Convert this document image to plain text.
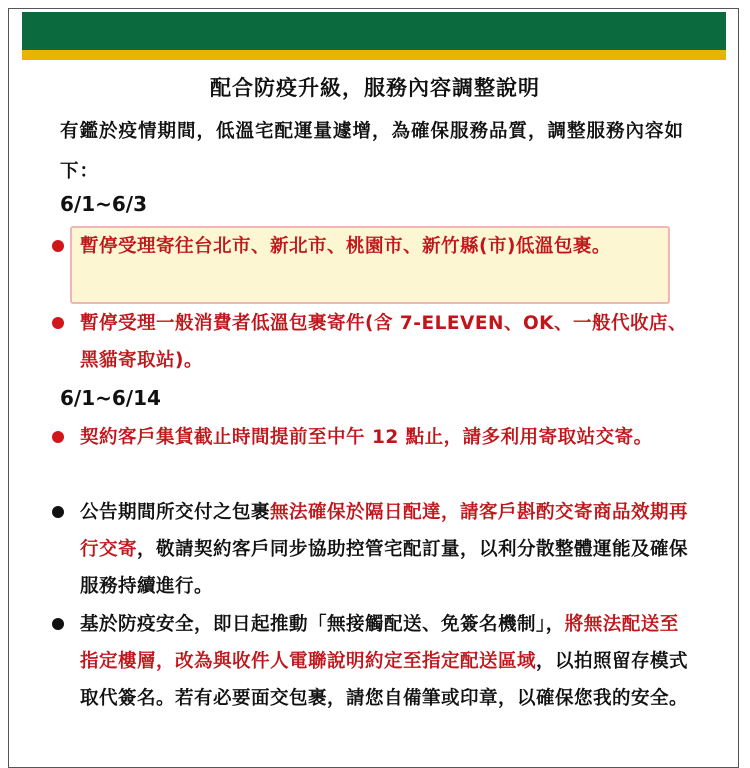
配合防疫升級，服務內容調整說明
有鑑於疫情期間，低溫宅配運量遽增，為確保服務品質，調整服務內容如下：
6/1~6/3
暫停受理寄往台北市、新北市、桃園市、新竹縣(市)低溫包裹。
暫停受理一般消費者低溫包裹寄件(含 7-ELEVEN、OK、一般代收店、黑貓寄取站)。
6/1~6/14
契約客戶集貨截止時間提前至中午 12 點止，請多利用寄取站交寄。
公告期間所交付之包裹無法確保於隔日配達，請客戶斟酌交寄商品效期再行交寄，敬請契約客戶同步協助控管宅配訂量，以利分散整體運能及確保服務持續進行。
基於防疫安全，即日起推動「無接觸配送、免簽名機制」，將無法配送至指定樓層，改為與收件人電聯說明約定至指定配送區域，以拍照留存模式取代簽名。若有必要面交包裹，請您自備筆或印章，以確保您我的安全。
